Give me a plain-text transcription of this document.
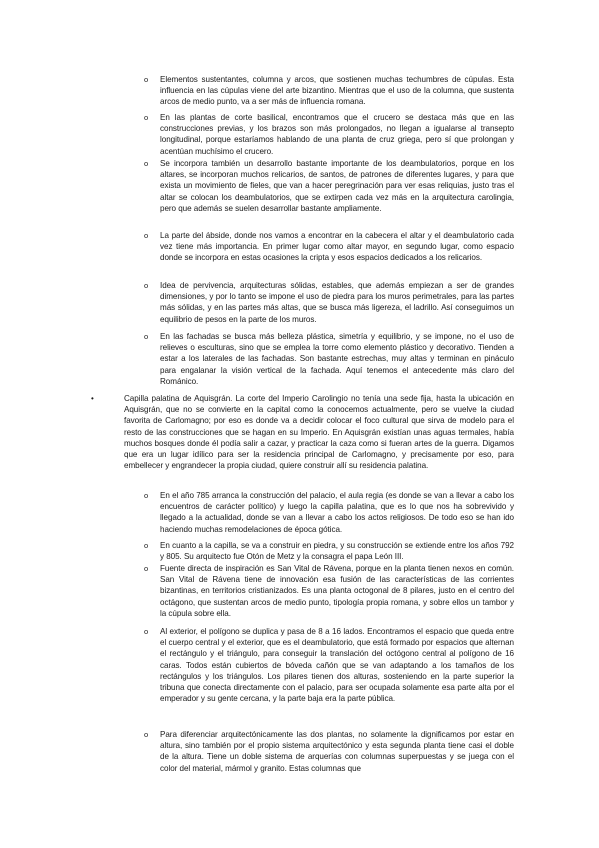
o Elementos sustentantes, columna y arcos, que sostienen muchas techumbres de cúpulas. Esta influencia en las cúpulas viene del arte bizantino. Mientras que el uso de la columna, que sustenta arcos de medio punto, va a ser más de influencia romana.
o En las plantas de corte basilical, encontramos que el crucero se destaca más que en las construcciones previas, y los brazos son más prolongados, no llegan a igualarse al transepto longitudinal, porque estaríamos hablando de una planta de cruz griega, pero sí que prolongan y acentúan muchísimo el crucero.
o Se incorpora también un desarrollo bastante importante de los deambulatorios, porque en los altares, se incorporan muchos relicarios, de santos, de patrones de diferentes lugares, y para que exista un movimiento de fieles, que van a hacer peregrinación para ver esas reliquias, justo tras el altar se colocan los deambulatorios, que se extirpen cada vez más en la arquitectura carolingia, pero que además se suelen desarrollar bastante ampliamente.
o La parte del ábside, donde nos vamos a encontrar en la cabecera el altar y el deambulatorio cada vez tiene más importancia. En primer lugar como altar mayor, en segundo lugar, como espacio donde se incorpora en estas ocasiones la cripta y esos espacios dedicados a los relicarios.
o Idea de pervivencia, arquitecturas sólidas, estables, que además empiezan a ser de grandes dimensiones, y por lo tanto se impone el uso de piedra para los muros perimetrales, para las partes más sólidas, y en las partes más altas, que se busca más ligereza, el ladrillo. Así conseguimos un equilibrio de pesos en la parte de los muros.
o En las fachadas se busca más belleza plástica, simetría y equilibrio, y se impone, no el uso de relieves o esculturas, sino que se emplea la torre como elemento plástico y decorativo. Tienden a estar a los laterales de las fachadas. Son bastante estrechas, muy altas y terminan en pináculo para engalanar la visión vertical de la fachada. Aquí tenemos el antecedente más claro del Románico.
•	Capilla palatina de Aquisgrán. La corte del Imperio Carolingio no tenía una sede fija, hasta la ubicación en Aquisgrán, que no se convierte en la capital como la conocemos actualmente, pero se vuelve la ciudad favorita de Carlomagno; por eso es donde va a decidir colocar el foco cultural que sirva de modelo para el resto de las construcciones que se hagan en su Imperio. En Aquisgrán existían unas aguas termales, había muchos bosques donde él podía salir a cazar, y practicar la caza como si fueran artes de la guerra. Digamos que era un lugar idílico para ser la residencia principal de Carlomagno, y precisamente por eso, para embellecer y engrandecer la propia ciudad, quiere construir allí su residencia palatina.
o En el año 785 arranca la construcción del palacio, el aula regia (es donde se van a llevar a cabo los encuentros de carácter político) y luego la capilla palatina, que es lo que nos ha sobrevivido y llegado a la actualidad, donde se van a llevar a cabo los actos religiosos. De todo eso se han ido haciendo muchas remodelaciones de época gótica.
o En cuanto a la capilla, se va a construir en piedra, y su construcción se extiende entre los años 792 y 805. Su arquitecto fue Otón de Metz y la consagra el papa León III.
o Fuente directa de inspiración es San Vital de Rávena, porque en la planta tienen nexos en común. San Vital de Rávena tiene de innovación esa fusión de las características de las corrientes bizantinas, en territorios cristianizados. Es una planta octogonal de 8 pilares, justo en el centro del octágono, que sustentan arcos de medio punto, tipología propia romana, y sobre ellos un tambor y la cúpula sobre ella.
o Al exterior, el polígono se duplica y pasa de 8 a 16 lados. Encontramos el espacio que queda entre el cuerpo central y el exterior, que es el deambulatorio, que está formado por espacios que alternan el rectángulo y el triángulo, para conseguir la translación del octógono central al polígono de 16 caras. Todos están cubiertos de bóveda cañón que se van adaptando a los tamaños de los rectángulos y los triángulos. Los pilares tienen dos alturas, sosteniendo en la parte superior la tribuna que conecta directamente con el palacio, para ser ocupada solamente esa parte alta por el emperador y su gente cercana, y la parte baja era la parte pública.
o Para diferenciar arquitectónicamente las dos plantas, no solamente la dignificamos por estar en altura, sino también por el propio sistema arquitectónico y esta segunda planta tiene casi el doble de la altura. Tiene un doble sistema de arquerías con columnas superpuestas y se juega con el color del material, mármol y granito. Estas columnas que
